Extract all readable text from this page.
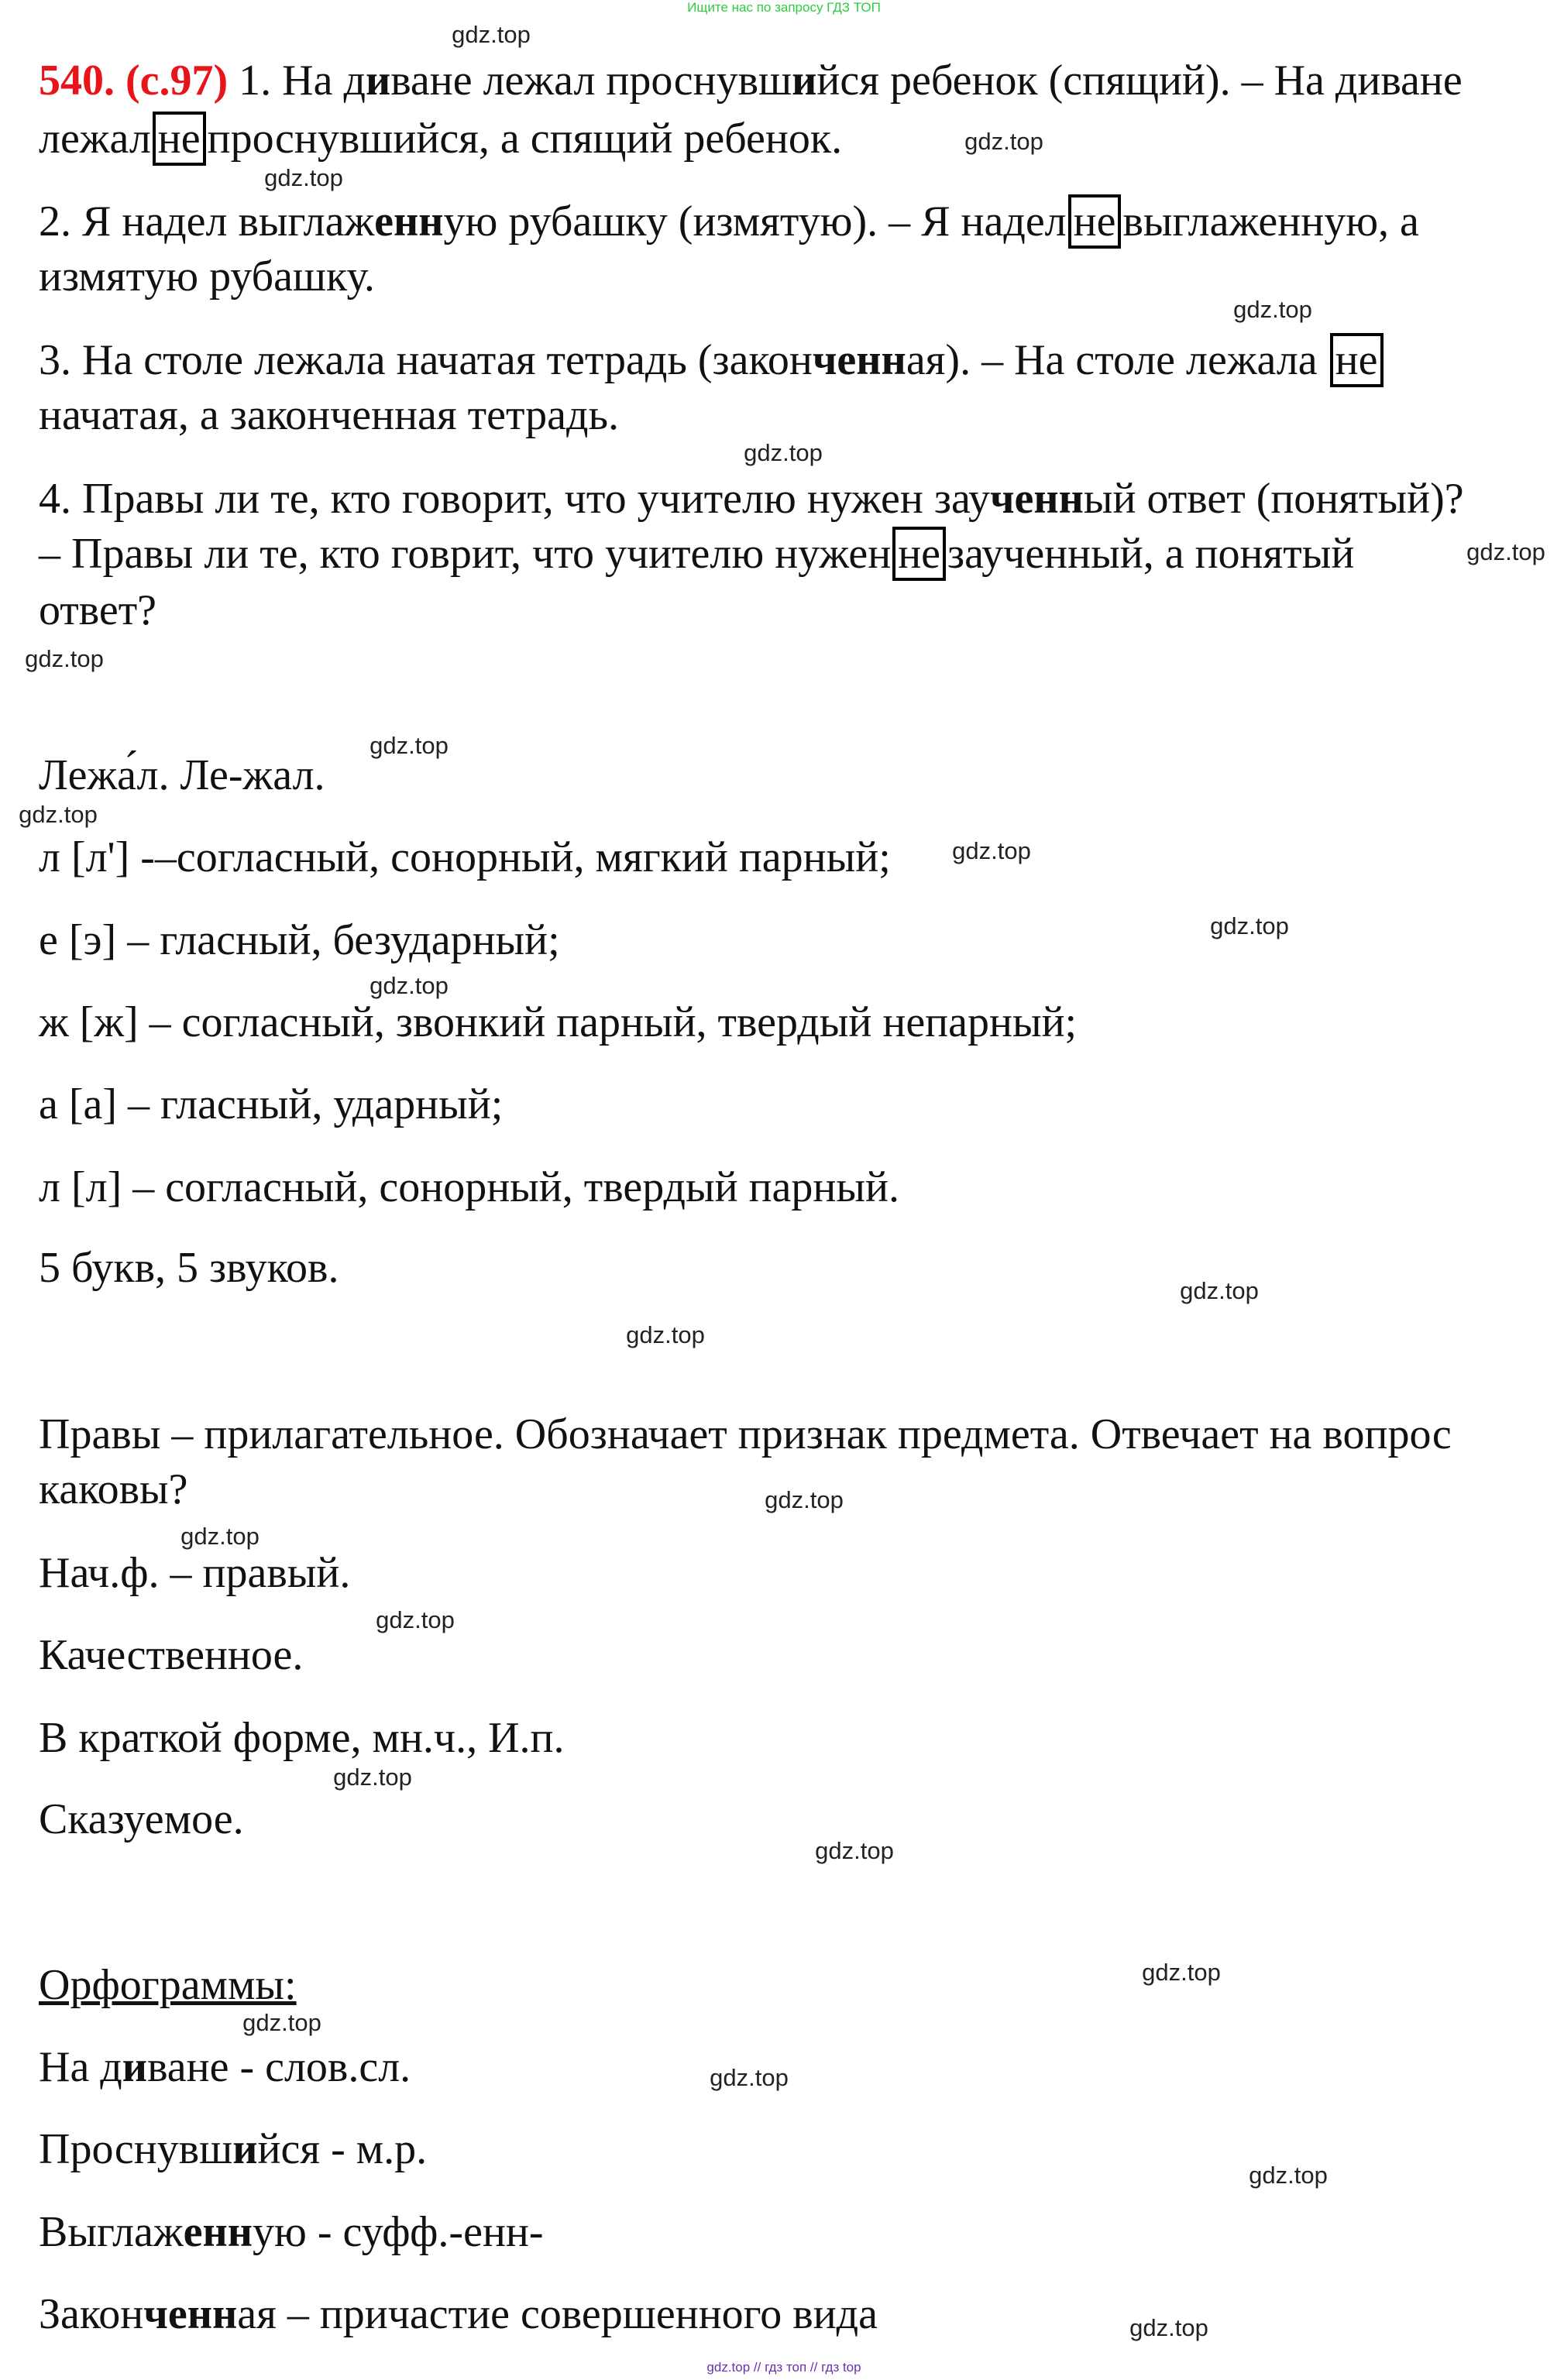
Ищите нас по запросу ГДЗ ТОП
540. (с.97) 1. На диване лежал проснувшийся ребенок (спящий). – На диване
лежал не проснувшийся, а спящий ребенок.
2. Я надел выглаженную рубашку (измятую). – Я надел не выглаженную, а
измятую рубашку.
3. На столе лежала начатая тетрадь (законченная). – На столе лежала не
начатая, а законченная тетрадь.
4. Правы ли те, кто говорит, что учителю нужен заученный ответ (понятый)?
– Правы ли те, кто говрит, что учителю нужен не заученный, а понятый
ответ?
Лежа́л. Ле-жал.
л [л'] -–согласный, сонорный, мягкий парный;
е [э] – гласный, безударный;
ж [ж] – согласный, звонкий парный, твердый непарный;
а [а] – гласный, ударный;
л [л] – согласный, сонорный, твердый парный.
5 букв, 5 звуков.
Правы – прилагательное. Обозначает признак предмета. Отвечает на вопрос
каковы?
Нач.ф. – правый.
Качественное.
В краткой форме, мн.ч., И.п.
Сказуемое.
Орфограммы:
На диване - слов.сл.
Проснувшийся - м.р.
Выглаженную - суфф.-енн-
Законченная – причастие совершенного вида
gdz.top
gdz.top
gdz.top
gdz.top
gdz.top
gdz.top
gdz.top
gdz.top
gdz.top
gdz.top
gdz.top
gdz.top
gdz.top
gdz.top
gdz.top
gdz.top
gdz.top
gdz.top
gdz.top
gdz.top
gdz.top
gdz.top
gdz.top
gdz.top
gdz.top // гдз топ // гдз top
